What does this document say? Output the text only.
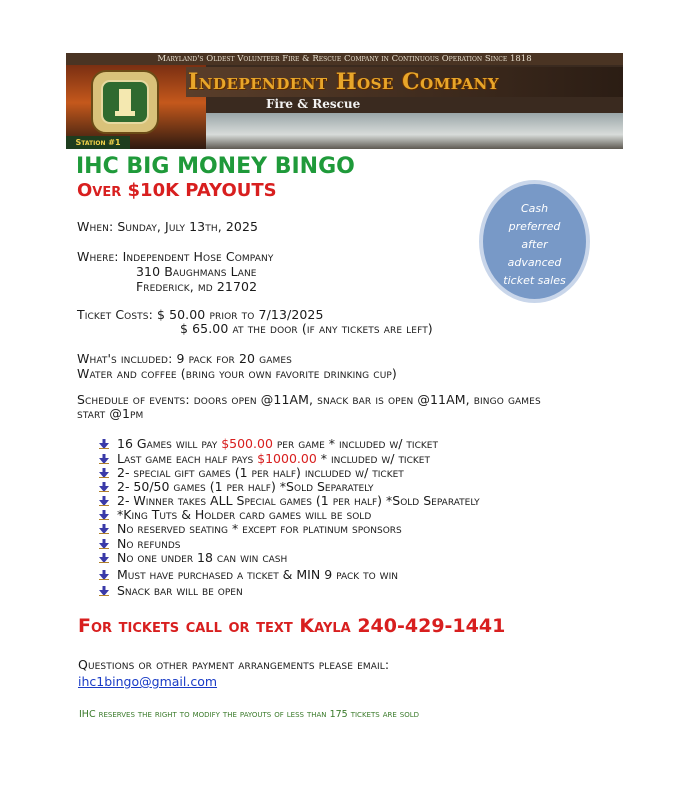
Maryland's Oldest Volunteer Fire & Rescue Company in Continuous Operation Since 1818
Independent Hose Company
Fire & Rescue
Station #1
IHC BIG MONEY BINGO
Over $10K PAYOUTS
Cash
preferred
after
advanced
ticket sales
When: Sunday, July 13th, 2025
Where: Independent Hose Company
310 Baughmans Lane
Frederick, md 21702
Ticket Costs: $ 50.00 prior to 7/13/2025
$ 65.00 at the door (if any tickets are left)
What's included: 9 pack for 20 games
Water and coffee (bring your own favorite drinking cup)
Schedule of events: doors open @11AM, snack bar is open @11AM, bingo games
start @1pm
16 Games will pay $500.00 per game * included w/ ticket
Last game each half pays $1000.00 * included w/ ticket
2- special gift games (1 per half) included w/ ticket
2- 50/50 games (1 per half) *Sold Separately
2- Winner takes ALL Special games (1 per half) *Sold Separately
*King Tuts & Holder card games will be sold
No reserved seating * except for platinum sponsors
No refunds
No one under 18 can win cash
Must have purchased a ticket & MIN 9 pack to win
Snack bar will be open
For tickets call or text Kayla 240-429-1441
Questions or other payment arrangements please email:
ihc1bingo@gmail.com
IHC reserves the right to modify the payouts of less than 175 tickets are sold
